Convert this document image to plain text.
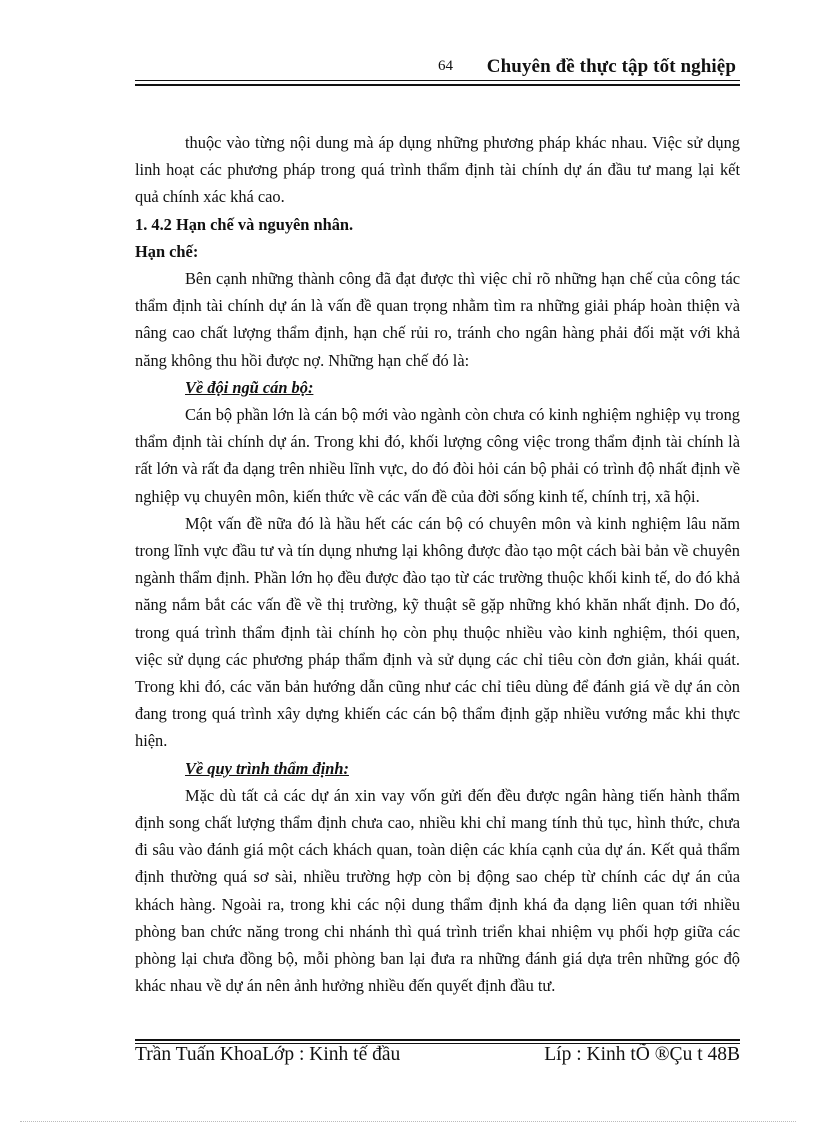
64 Chuyên đề thực tập tốt nghiệp

thuộc vào từng nội dung mà áp dụng những phương pháp khác nhau. Việc sử dụng linh hoạt các phương pháp trong quá trình thẩm định tài chính dự án đầu tư mang lại kết quả chính xác khá cao.

1. 4.2 Hạn chế và nguyên nhân.

Hạn chế:

Bên cạnh những thành công đã đạt được thì việc chỉ rõ những hạn chế của công tác thẩm định tài chính dự án là vấn đề quan trọng nhằm tìm ra những giải pháp hoàn thiện và nâng cao chất lượng thẩm định, hạn chế rủi ro, tránh cho ngân hàng phải đối mặt với khả năng không thu hồi được nợ. Những hạn chế đó là:

Về đội ngũ cán bộ:

Cán bộ phần lớn là cán bộ mới vào ngành còn chưa có kinh nghiệm nghiệp vụ trong thẩm định tài chính dự án. Trong khi đó, khối lượng công việc trong thẩm định tài chính là rất lớn và rất đa dạng trên nhiều lĩnh vực, do đó đòi hỏi cán bộ phải có trình độ nhất định về nghiệp vụ chuyên môn, kiến thức về các vấn đề của đời sống kinh tế, chính trị, xã hội.

Một vấn đề nữa đó là hầu hết các cán bộ có chuyên môn và kinh nghiệm lâu năm trong lĩnh vực đầu tư và tín dụng nhưng lại không được đào tạo một cách bài bản về chuyên ngành thẩm định. Phần lớn họ đều được đào tạo từ các trường thuộc khối kinh tế, do đó khả năng nắm bắt các vấn đề về thị trường, kỹ thuật sẽ gặp những khó khăn nhất định. Do đó, trong quá trình thẩm định tài chính họ còn phụ thuộc nhiều vào kinh nghiệm, thói quen, việc sử dụng các phương pháp thẩm định và sử dụng các chỉ tiêu còn đơn giản, khái quát. Trong khi đó, các văn bản hướng dẫn cũng như các chỉ tiêu dùng để đánh giá về dự án còn đang trong quá trình xây dựng khiến các cán bộ thẩm định gặp nhiều vướng mắc khi thực hiện.

Về quy trình thẩm định:

Mặc dù tất cả các dự án xin vay vốn gửi đến đều được ngân hàng tiến hành thẩm định song chất lượng thẩm định chưa cao, nhiều khi chỉ mang tính thủ tục, hình thức, chưa đi sâu vào đánh giá một cách khách quan, toàn diện các khía cạnh của dự án. Kết quả thẩm định thường quá sơ sài, nhiều trường hợp còn bị động sao chép từ chính các dự án của khách hàng. Ngoài ra, trong khi các nội dung thẩm định khá đa dạng liên quan tới nhiều phòng ban chức năng trong chi nhánh thì quá trình triển khai nhiệm vụ phối hợp giữa các phòng lại chưa đồng bộ, mỗi phòng ban lại đưa ra những đánh giá dựa trên những góc độ khác nhau về dự án nên ảnh hưởng nhiều đến quyết định đầu tư.

Trần Tuấn KhoaLớp : Kinh tế đầu	Líp : Kinh tÕ ®Çu t 48B
